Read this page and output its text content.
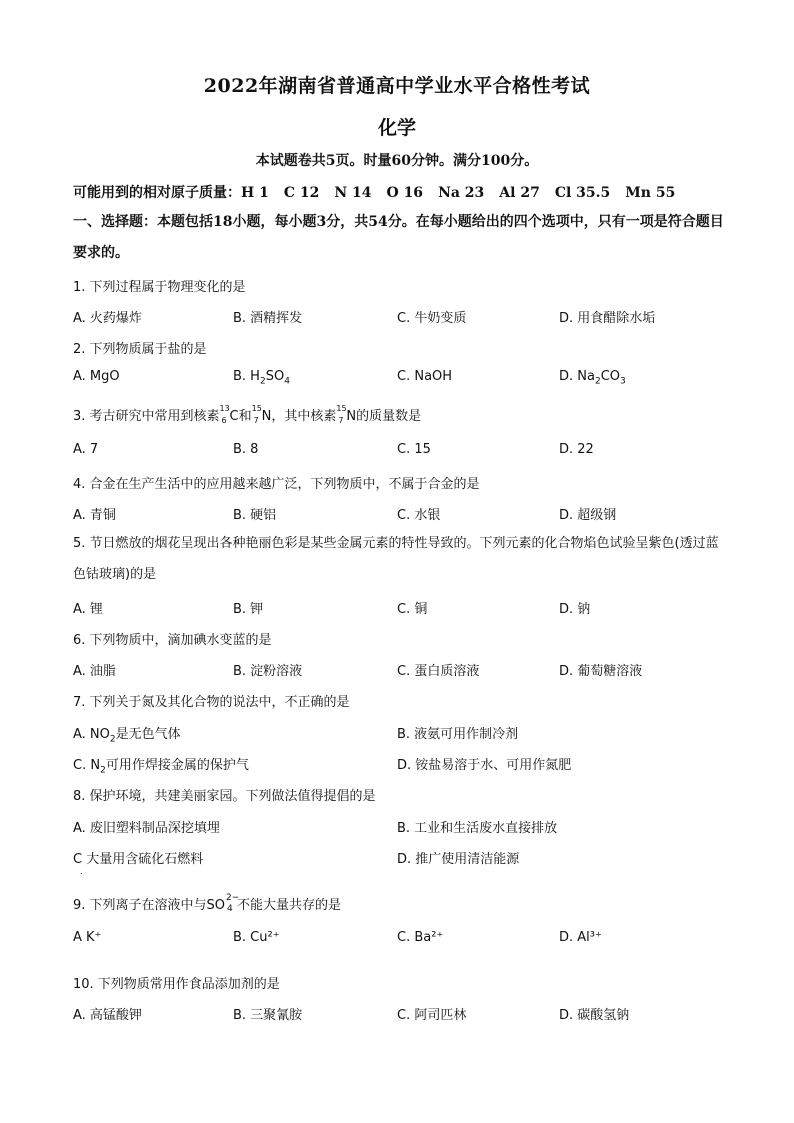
2022年湖南省普通高中学业水平合格性考试
化学
本试题卷共5页。时量60分钟。满分100分。
可能用到的相对原子质量：H 1 C 12 N 14 O 16 Na 23 Al 27 Cl 35.5 Mn 55
一、选择题：本题包括18小题，每小题3分，共54分。在每小题给出的四个选项中，只有一项是符合题目要求的。
1. 下列过程属于物理变化的是
A. 火药爆炸	B. 酒精挥发	C. 牛奶变质	D. 用食醋除水垢
2. 下列物质属于盐的是
A. MgO	B. $H_2SO_4$	C. NaOH	D. $Na_2CO_3$
3. 考古研究中常用到核素
13
6 C和
15
7 N，其中核素
15
7 N的质量数是
A. 7	B. 8	C. 15	D. 22
4. 合金在生产生活中的应用越来越广泛，下列物质中，不属于合金的是
A. 青铜	B. 硬铝	C. 水银	D. 超级钢
5. 节日燃放的烟花呈现出各种艳丽色彩是某些金属元素的特性导致的。下列元素的化合物焰色试验呈紫色(透过蓝色钴玻璃)的是
A. 锂	B. 钾	C. 铜	D. 钠
6. 下列物质中，滴加碘水变蓝的是
A. 油脂	B. 淀粉溶液	C. 蛋白质溶液	D. 葡萄糖溶液
7. 下列关于氮及其化合物的说法中，不正确的是
A. $NO_2$是无色气体	B. 液氨可用作制冷剂
C. $N_2$可用作焊接金属的保护气	D. 铵盐易溶于水、可用作氮肥
8. 保护环境，共建美丽家园。下列做法值得提倡的是
A. 废旧塑料制品深挖填埋	B. 工业和生活废水直接排放
C 大量用含硫化石燃料	D. 推广使用清洁能源
.
9. 下列离子在溶液中与SO 2−
4 不能大量共存的是
A K⁺	B. Cu²⁺	C. Ba²⁺	D. Al³⁺
10. 下列物质常用作食品添加剂的是
A. 高锰酸钾	B. 三聚氰胺	C. 阿司匹林	D. 碳酸氢钠
